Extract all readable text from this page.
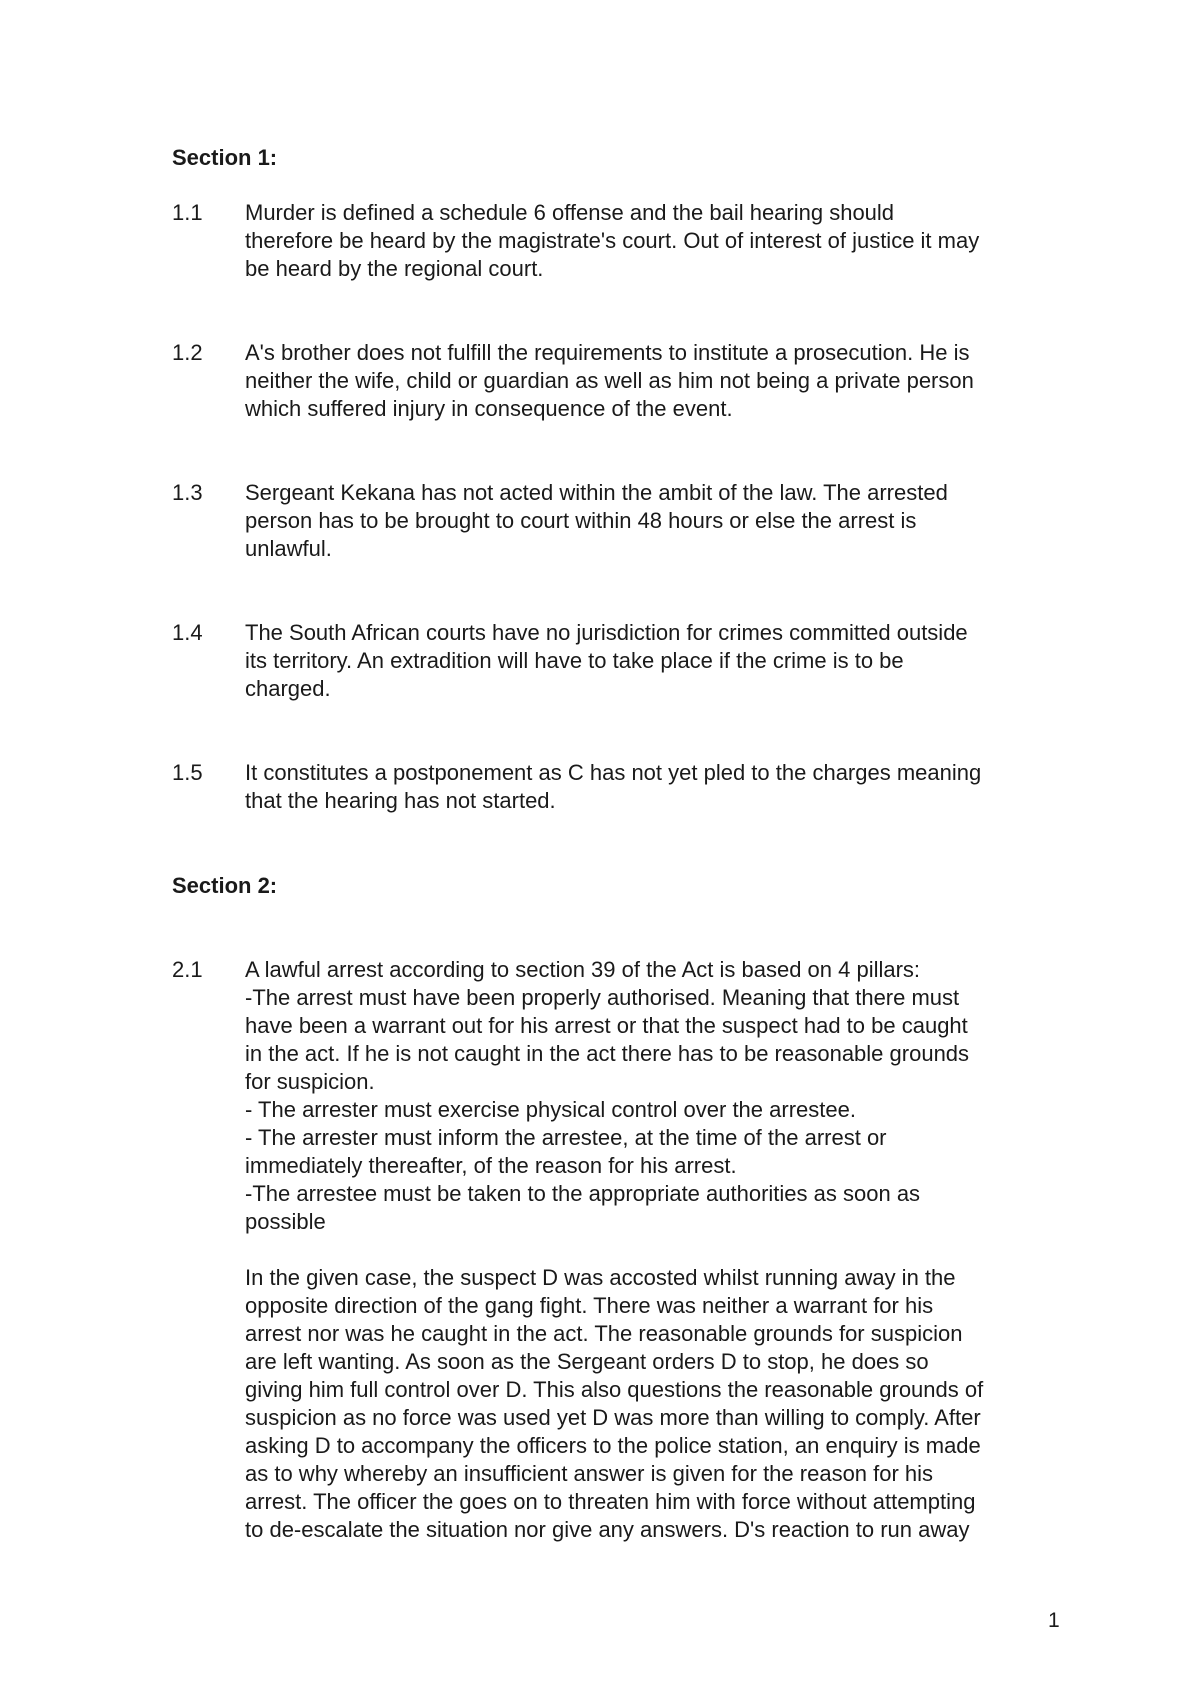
Section 1:
1.1	Murder is defined a schedule 6 offense and the bail hearing should
therefore be heard by the magistrate's court. Out of interest of justice it may
be heard by the regional court.
1.2	A's brother does not fulfill the requirements to institute a prosecution. He is
neither the wife, child or guardian as well as him not being a private person
which suffered injury in consequence of the event.
1.3	Sergeant Kekana has not acted within the ambit of the law. The arrested
person has to be brought to court within 48 hours or else the arrest is
unlawful.
1.4	The South African courts have no jurisdiction for crimes committed outside
its territory. An extradition will have to take place if the crime is to be
charged.
1.5	It constitutes a postponement as C has not yet pled to the charges meaning
that the hearing has not started.
Section 2:
2.1	A lawful arrest according to section 39 of the Act is based on 4 pillars:
-The arrest must have been properly authorised. Meaning that there must
have been a warrant out for his arrest or that the suspect had to be caught
in the act. If he is not caught in the act there has to be reasonable grounds
for suspicion.
- The arrester must exercise physical control over the arrestee.
- The arrester must inform the arrestee, at the time of the arrest or
immediately thereafter, of the reason for his arrest.
-The arrestee must be taken to the appropriate authorities as soon as
possible
In the given case, the suspect D was accosted whilst running away in the
opposite direction of the gang fight. There was neither a warrant for his
arrest nor was he caught in the act. The reasonable grounds for suspicion
are left wanting. As soon as the Sergeant orders D to stop, he does so
giving him full control over D. This also questions the reasonable grounds of
suspicion as no force was used yet D was more than willing to comply. After
asking D to accompany the officers to the police station, an enquiry is made
as to why whereby an insufficient answer is given for the reason for his
arrest. The officer the goes on to threaten him with force without attempting
to de-escalate the situation nor give any answers. D's reaction to run away
1
